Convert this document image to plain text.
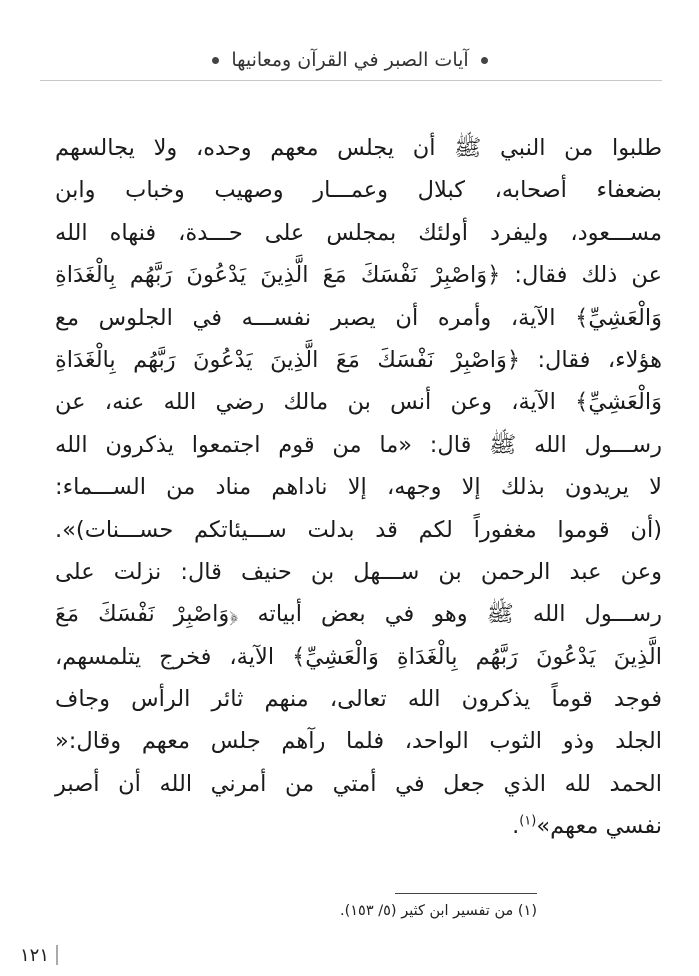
آيات الصبر في القرآن ومعانيها
طلبوا من النبي ﷺ أن يجلس معهم وحده، ولا يجالسهم
بضعفاء أصحابه، كبلال وعمـــار وصهيب وخباب وابن
مســـعود، وليفرد أولئك بمجلس على حـــدة، فنهاه الله
عن ذلك فقال: ﴿وَاصْبِرْ نَفْسَكَ مَعَ الَّذِينَ يَدْعُونَ رَبَّهُم بِالْغَدَاةِ
وَالْعَشِيِّ﴾ الآية، وأمره أن يصبر نفســـه في الجلوس مع
هؤلاء، فقال: ﴿وَاصْبِرْ نَفْسَكَ مَعَ الَّذِينَ يَدْعُونَ رَبَّهُم بِالْغَدَاةِ
وَالْعَشِيِّ﴾ الآية، وعن أنس بن مالك رضي الله عنه، عن
رســـول الله ﷺ قال: «ما من قوم اجتمعوا يذكرون الله
لا يريدون بذلك إلا وجهه، إلا ناداهم مناد من الســـماء:
(أن قوموا مغفوراً لكم قد بدلت ســـيئاتكم حســـنات)».
وعن عبد الرحمن بن ســـهل بن حنيف قال: نزلت على
رســـول الله ﷺ وهو في بعض أبياته ﴿وَاصْبِرْ نَفْسَكَ مَعَ
الَّذِينَ يَدْعُونَ رَبَّهُم بِالْغَدَاةِ وَالْعَشِيِّ﴾ الآية، فخرج يتلمسهم،
فوجد قوماً يذكرون الله تعالى، منهم ثائر الرأس وجاف
الجلد وذو الثوب الواحد، فلما رآهم جلس معهم وقال:«
الحمد لله الذي جعل في أمتي من أمرني الله أن أصبر
نفسي معهم»$^{(١)}$.
(١) من تفسير ابن كثير (٥/ ١٥٣).
١٢١
